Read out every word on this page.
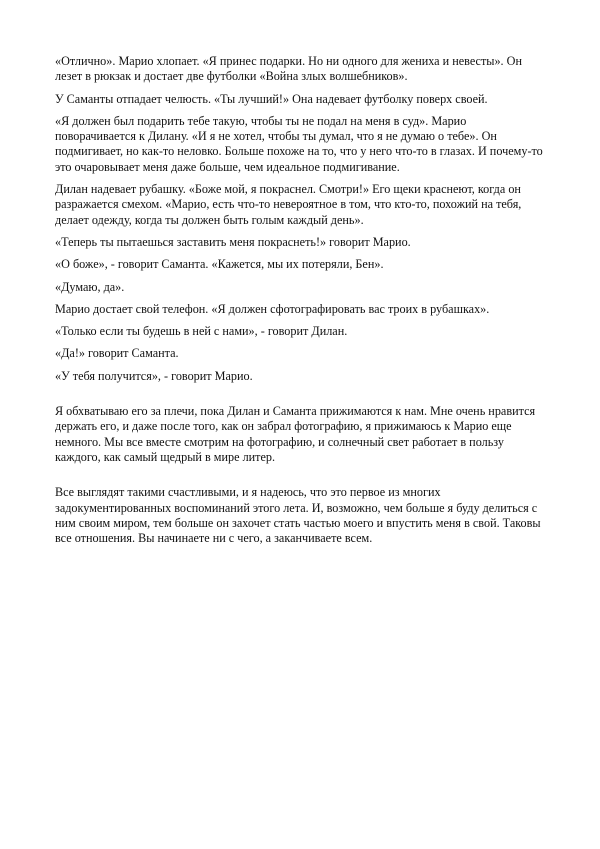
«Отлично». Марио хлопает. «Я принес подарки. Но ни одного для жениха и невесты». Он лезет в рюкзак и достает две футболки «Война злых волшебников».

У Саманты отпадает челюсть. «Ты лучший!» Она надевает футболку поверх своей.

«Я должен был подарить тебе такую, чтобы ты не подал на меня в суд». Марио поворачивается к Дилану. «И я не хотел, чтобы ты думал, что я не думаю о тебе». Он подмигивает, но как-то неловко. Больше похоже на то, что у него что-то в глазах. И почему-то это очаровывает меня даже больше, чем идеальное подмигивание.

Дилан надевает рубашку. «Боже мой, я покраснел. Смотри!» Его щеки краснеют, когда он разражается смехом. «Марио, есть что-то невероятное в том, что кто-то, похожий на тебя, делает одежду, когда ты должен быть голым каждый день».

«Теперь ты пытаешься заставить меня покраснеть!» говорит Марио.

«О боже», - говорит Саманта. «Кажется, мы их потеряли, Бен».

«Думаю, да».

Марио достает свой телефон. «Я должен сфотографировать вас троих в рубашках».

«Только если ты будешь в ней с нами», - говорит Дилан.

«Да!» говорит Саманта.

«У тебя получится», - говорит Марио.

Я обхватываю его за плечи, пока Дилан и Саманта прижимаются к нам. Мне очень нравится держать его, и даже после того, как он забрал фотографию, я прижимаюсь к Марио еще немного. Мы все вместе смотрим на фотографию, и солнечный свет работает в пользу каждого, как самый щедрый в мире литер.

Все выглядят такими счастливыми, и я надеюсь, что это первое из многих задокументированных воспоминаний этого лета. И, возможно, чем больше я буду делиться с ним своим миром, тем больше он захочет стать частью моего и впустить меня в свой. Таковы все отношения. Вы начинаете ни с чего, а заканчиваете всем.
